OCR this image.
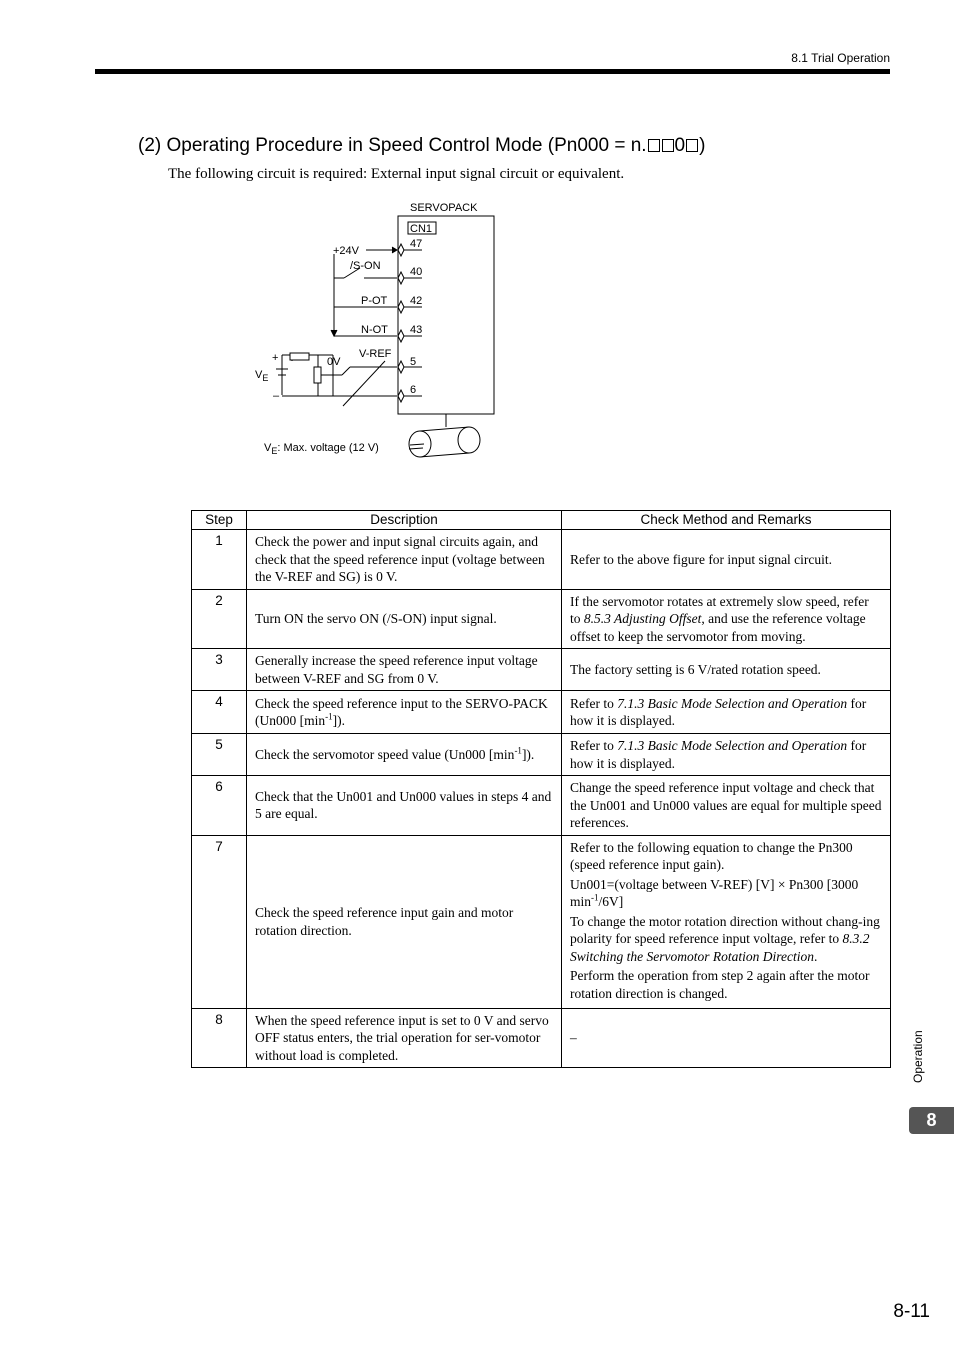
8.1 Trial Operation
(2) Operating Procedure in Speed Control Mode (Pn000 = n. 0 )
The following circuit is required: External input signal circuit or equivalent.
SERVOPACK
CN1
47
40
42
43
5
6
+24V
/S-ON
P-OT
N-OT
V-REF
0V
+
–
$V_E$
$V_E$: Max. voltage (12 V)
Step	Description	Check Method and Remarks
1	Check the power and input signal circuits again, and check that the speed reference input (voltage between the V-REF and SG) is 0 V.	Refer to the above figure for input signal circuit.
2	Turn ON the servo ON (/S-ON) input signal.	If the servomotor rotates at extremely slow speed, refer to 8.5.3 Adjusting Offset, and use the reference voltage offset to keep the servomotor from moving.
3	Generally increase the speed reference input voltage between V-REF and SG from 0 V.	The factory setting is 6 V/rated rotation speed.
4	Check the speed reference input to the SERVO-PACK (Un000 $[\min^{-1}]$).	Refer to 7.1.3 Basic Mode Selection and Operation for how it is displayed.
5	Check the servomotor speed value (Un000 $[\min^{-1}]$).	Refer to 7.1.3 Basic Mode Selection and Operation for how it is displayed.
6	Check that the Un001 and Un000 values in steps 4 and 5 are equal.	Change the speed reference input voltage and check that the Un001 and Un000 values are equal for multiple speed references.
7	Check the speed reference input gain and motor rotation direction.	Refer to the following equation to change the Pn300 (speed reference input gain).

Un001=(voltage between V-REF) [V] × Pn300 [3000 $\min^{-1}/6V$]

To change the motor rotation direction without chang-ing polarity for speed reference input voltage, refer to 8.3.2 Switching the Servomotor Rotation Direction.

Perform the operation from step 2 again after the motor rotation direction is changed.

8	When the speed reference input is set to 0 V and servo OFF status enters, the trial operation for ser-vomotor without load is completed.	–	Operation
8
8-11
